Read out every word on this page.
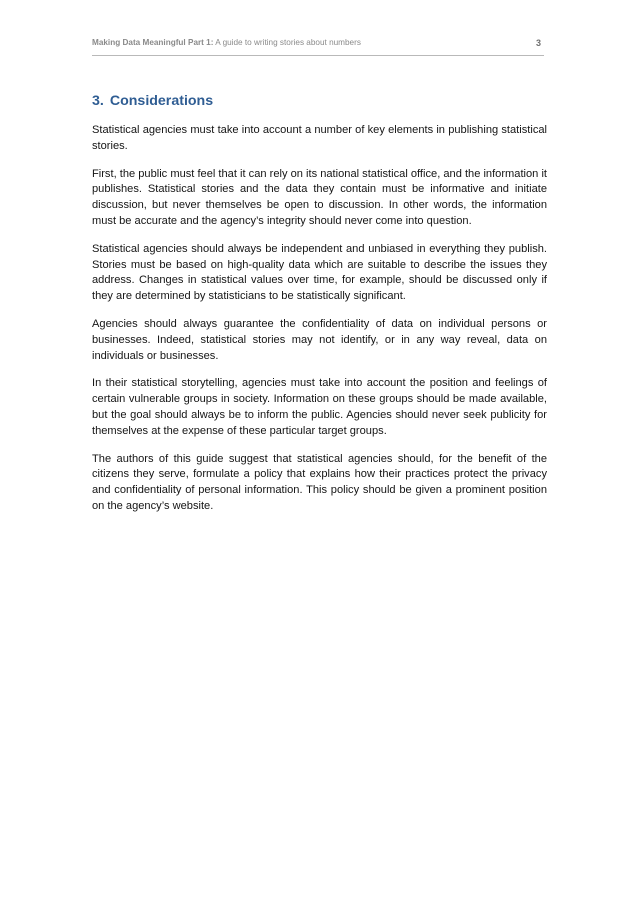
Making Data Meaningful Part 1: A guide to writing stories about numbers	3
3. Considerations

Statistical agencies must take into account a number of key elements in publishing statistical stories.

First, the public must feel that it can rely on its national statistical office, and the information it publishes. Statistical stories and the data they contain must be informative and initiate discussion, but never themselves be open to discussion. In other words, the information must be accurate and the agency’s integrity should never come into question.

Statistical agencies should always be independent and unbiased in everything they publish. Stories must be based on high-quality data which are suitable to describe the issues they address. Changes in statistical values over time, for example, should be discussed only if they are determined by statisticians to be statistically significant.

Agencies should always guarantee the confidentiality of data on individual persons or businesses. Indeed, statistical stories may not identify, or in any way reveal, data on individuals or businesses.

In their statistical storytelling, agencies must take into account the position and feelings of certain vulnerable groups in society. Information on these groups should be made available, but the goal should always be to inform the public. Agencies should never seek publicity for themselves at the expense of these particular target groups.

The authors of this guide suggest that statistical agencies should, for the benefit of the citizens they serve, formulate a policy that explains how their practices protect the privacy and confidentiality of personal information. This policy should be given a prominent position on the agency’s website.
